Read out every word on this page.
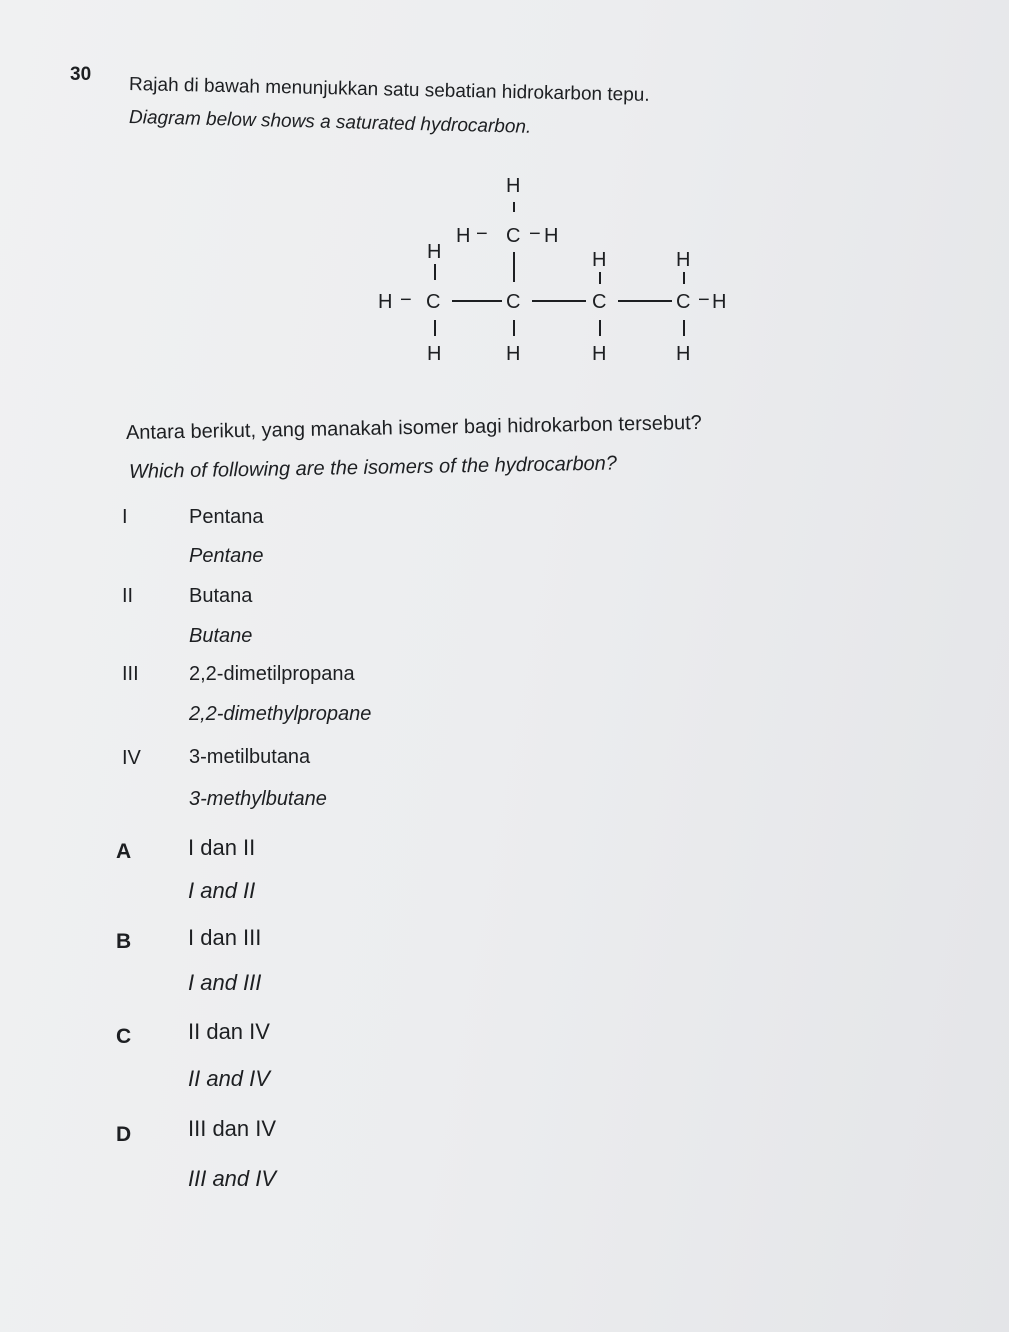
30 Rajah di bawah menunjukkan satu sebatian hidrokarbon tepu.
Diagram below shows a saturated hydrocarbon.
H
H − C − H
H	H	H
H − C	C	C	C − H
H	H	H	H
Antara berikut, yang manakah isomer bagi hidrokarbon tersebut?
Which of following are the isomers of the hydrocarbon?
I	Pentana
Pentane
II	Butana
Butane
III	2,2-dimetilpropana
2,2-dimethylpropane
IV 3-metilbutana
3-methylbutane
A	I dan II
I and II
B	I dan III
I and III
C	II dan IV
II and IV
D	III dan IV
III and IV
